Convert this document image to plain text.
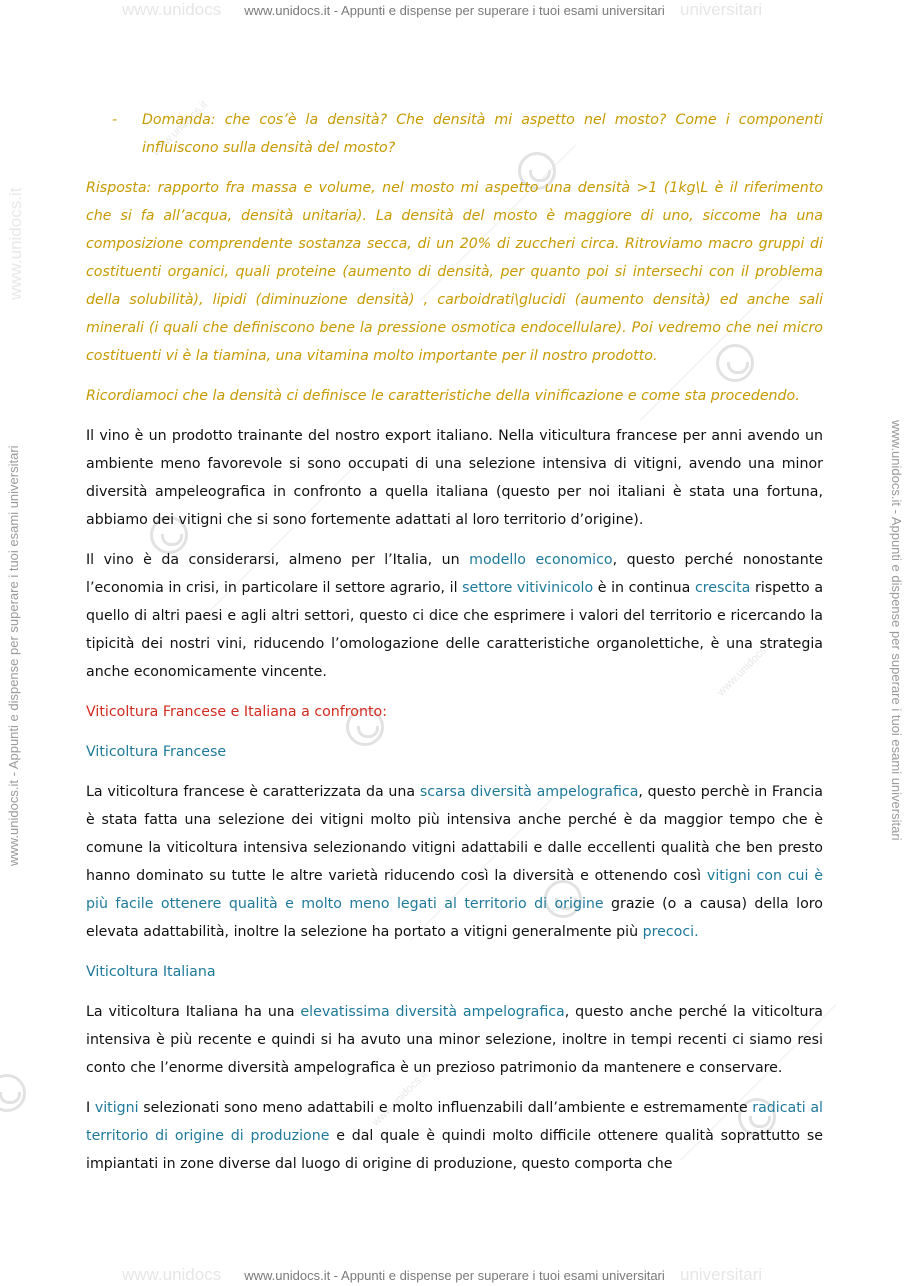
www.unidocs www.unidocs.it - Appunti e dispense per superare i tuoi esami universitari universitari
www.unidocs www.unidocs.it - Appunti e dispense per superare i tuoi esami universitari universitari
www.unidocs.it - Appunti e dispense per superare i tuoi esami universitari
www.unidocs.it
www.unidocs.it - Appunti e dispense per superare i tuoi esami universitari
www.unidocs.it
www.unidocs.it
www.unidocs.it
-	Domanda: che cos’è la densità? Che densità mi aspetto nel mosto? Come i componenti influiscono sulla densità del mosto?

Risposta: rapporto fra massa e volume, nel mosto mi aspetto una densità >1 (1kg\L è il riferimento che si fa all’acqua, densità unitaria). La densità del mosto è maggiore di uno, siccome ha una composizione comprendente sostanza secca, di un 20% di zuccheri circa. Ritroviamo macro gruppi di costituenti organici, quali proteine (aumento di densità, per quanto poi si intersechi con il problema della solubilità), lipidi (diminuzione densità) , carboidrati\glucidi (aumento densità) ed anche sali minerali (i quali che definiscono bene la pressione osmotica endocellulare). Poi vedremo che nei micro costituenti vi è la tiamina, una vitamina molto importante per il nostro prodotto.

Ricordiamoci che la densità ci definisce le caratteristiche della vinificazione e come sta procedendo.

Il vino è un prodotto trainante del nostro export italiano. Nella viticultura francese per anni avendo un ambiente meno favorevole si sono occupati di una selezione intensiva di vitigni, avendo una minor diversità ampeleografica in confronto a quella italiana (questo per noi italiani è stata una fortuna, abbiamo dei vitigni che si sono fortemente adattati al loro territorio d’origine).

Il vino è da considerarsi, almeno per l’Italia, un modello economico, questo perché nonostante l’economia in crisi, in particolare il settore agrario, il settore vitivinicolo è in continua crescita rispetto a quello di altri paesi e agli altri settori, questo ci dice che esprimere i valori del territorio e ricercando la tipicità dei nostri vini, riducendo l’omologazione delle caratteristiche organolettiche, è una strategia anche economicamente vincente.

Viticoltura Francese e Italiana a confronto:

Viticoltura Francese

La viticoltura francese è caratterizzata da una scarsa diversità ampelografica, questo perchè in Francia è stata fatta una selezione dei vitigni molto più intensiva anche perché è da maggior tempo che è comune la viticoltura intensiva selezionando vitigni adattabili e dalle eccellenti qualità che ben presto hanno dominato su tutte le altre varietà riducendo così la diversità e ottenendo così vitigni con cui è più facile ottenere qualità e molto meno legati al territorio di origine grazie (o a causa) della loro elevata adattabilità, inoltre la selezione ha portato a vitigni generalmente più precoci.

Viticoltura Italiana

La viticoltura Italiana ha una elevatissima diversità ampelografica, questo anche perché la viticoltura intensiva è più recente e quindi si ha avuto una minor selezione, inoltre in tempi recenti ci siamo resi conto che l’enorme diversità ampelografica è un prezioso patrimonio da mantenere e conservare.

I vitigni selezionati sono meno adattabili e molto influenzabili dall’ambiente e estremamente radicati al territorio di origine di produzione e dal quale è quindi molto difficile ottenere qualità soprattutto se impiantati in zone diverse dal luogo di origine di produzione, questo comporta che
